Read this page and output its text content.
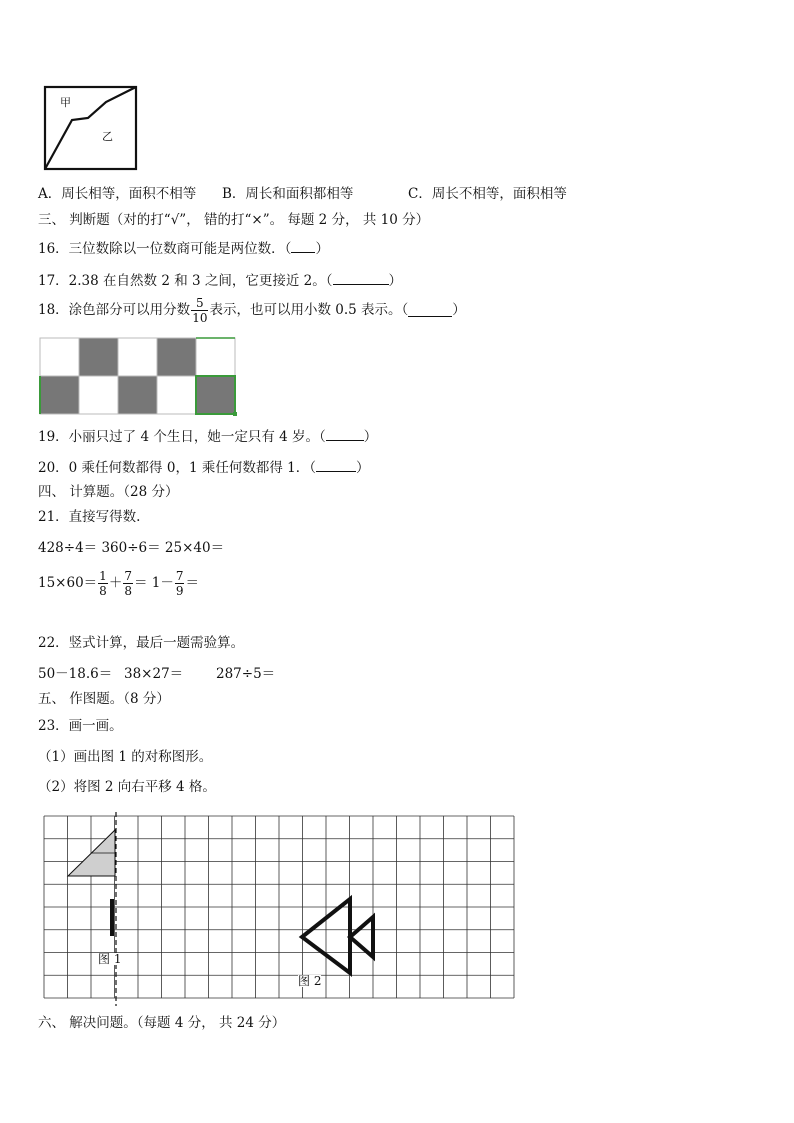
甲
乙
A．周长相等，面积不相等 B．周长和面积都相等	C．周长不相等，面积相等
三、 判断题（对的打“√”， 错的打“×”。 每题 2 分， 共 10 分）
16．三位数除以一位数商可能是两位数．（ ）
17．2.38 在自然数 2 和 3 之间，它更接近 2。（	）
18．涂色部分可以用分数 $\frac{5}{10}$ 表示，也可以用小数 0.5 表示。（	）
19．小丽只过了 4 个生日，她一定只有 4 岁。（	）
20．0 乘任何数都得 0，1 乘任何数都得 1．（	）
四、 计算题。（28 分）
21．直接写得数.
428÷4＝ 360÷6＝ 25×40＝
$15\times 60= \frac{1}{8} + \frac{7}{8} = 1- \frac{7}{9}$ ＝
22．竖式计算，最后一题需验算。
50－18.6＝ 38×27＝ 287÷5＝
五、 作图题。（8 分）
23．画一画。
（1）画出图 1 的对称图形。
（2）将图 2 向右平移 4 格。
图 1
图 2
六、 解决问题。（每题 4 分， 共 24 分）
